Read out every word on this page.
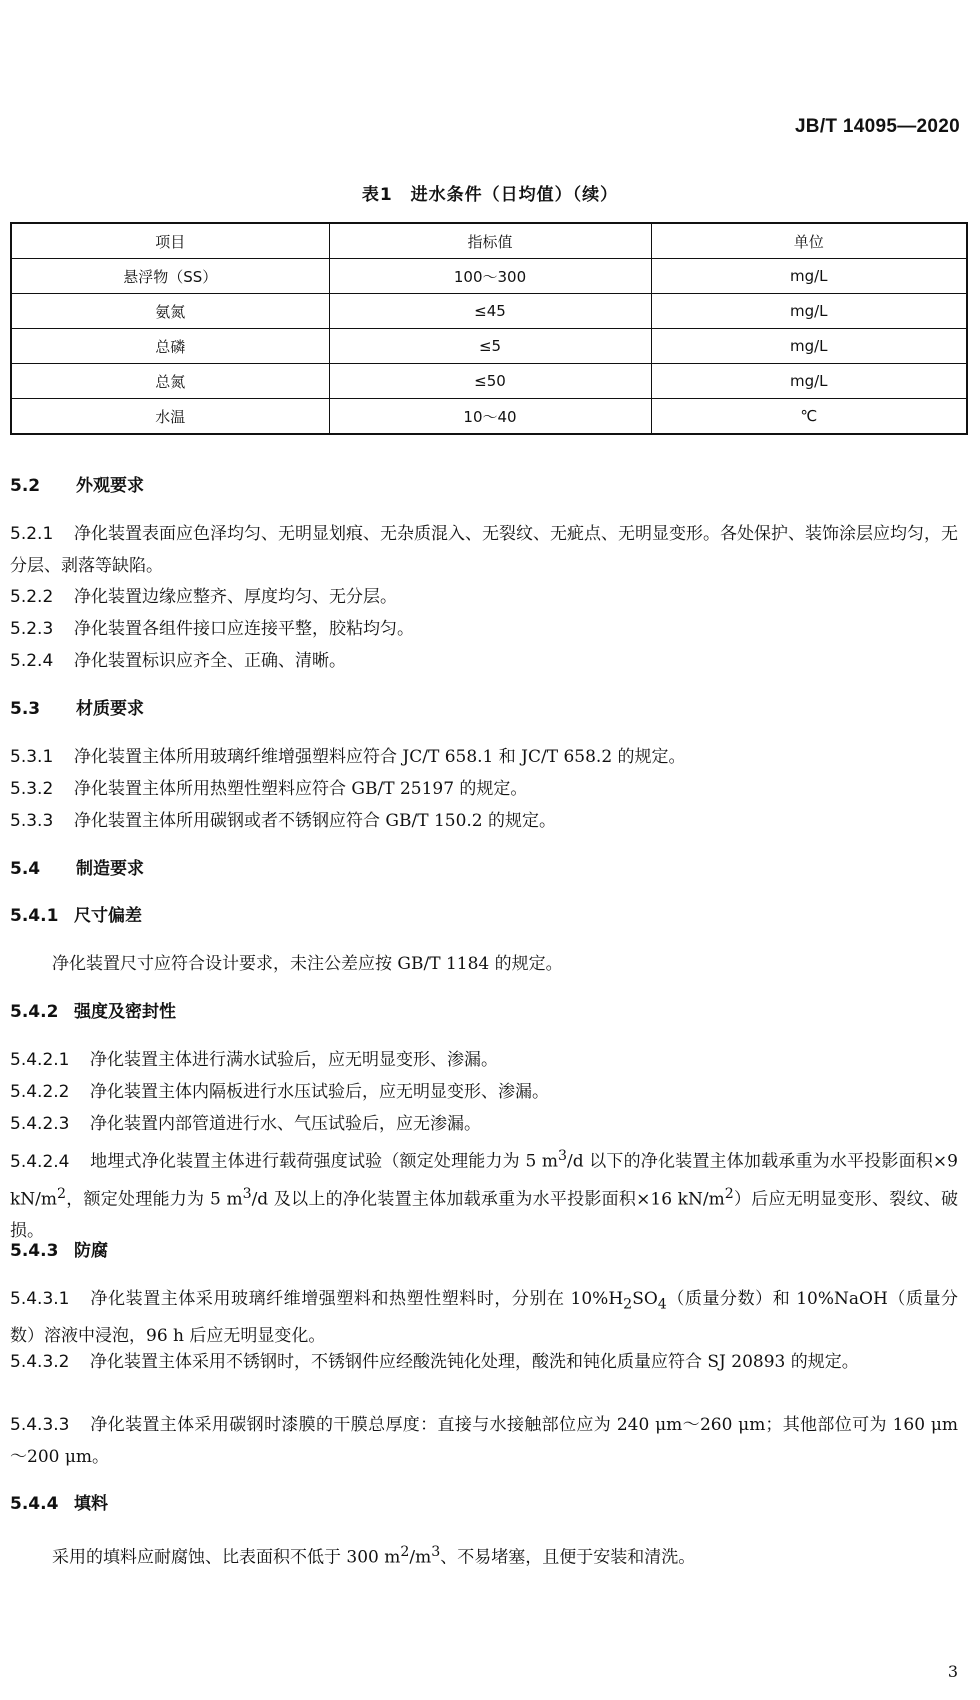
JB/T 14095—2020
表1　进水条件（日均值）（续）
项目	指标值	单位
悬浮物（SS）	100～300	mg/L
氨氮	≤45	mg/L
总磷	≤5	mg/L
总氮	≤50	mg/L
水温	10～40	℃
5.2 外观要求
5.2.1 净化装置表面应色泽均匀、无明显划痕、无杂质混入、无裂纹、无疵点、无明显变形。各处保护、装饰涂层应均匀，无分层、剥落等缺陷。
5.2.2 净化装置边缘应整齐、厚度均匀、无分层。
5.2.3 净化装置各组件接口应连接平整，胶粘均匀。
5.2.4 净化装置标识应齐全、正确、清晰。
5.3 材质要求
5.3.1 净化装置主体所用玻璃纤维增强塑料应符合 JC/T 658.1 和 JC/T 658.2 的规定。
5.3.2 净化装置主体所用热塑性塑料应符合 GB/T 25197 的规定。
5.3.3 净化装置主体所用碳钢或者不锈钢应符合 GB/T 150.2 的规定。
5.4 制造要求
5.4.1 尺寸偏差
净化装置尺寸应符合设计要求，未注公差应按 GB/T 1184 的规定。
5.4.2 强度及密封性
5.4.2.1 净化装置主体进行满水试验后，应无明显变形、渗漏。
5.4.2.2 净化装置主体内隔板进行水压试验后，应无明显变形、渗漏。
5.4.2.3 净化装置内部管道进行水、气压试验后，应无渗漏。
5.4.2.4 地埋式净化装置主体进行载荷强度试验（额定处理能力为 5 $m^3/d$ 以下的净化装置主体加载承重为水平投影面积×9 $kN/m^2$，额定处理能力为 5 $m^3/d$ 及以上的净化装置主体加载承重为水平投影面积×16 $kN/m^2$）后应无明显变形、裂纹、破损。
5.4.3 防腐
5.4.3.1 净化装置主体采用玻璃纤维增强塑料和热塑性塑料时，分别在 $10\%H_2SO_4$（质量分数）和 10%NaOH（质量分数）溶液中浸泡，96 h 后应无明显变化。
5.4.3.2 净化装置主体采用不锈钢时，不锈钢件应经酸洗钝化处理，酸洗和钝化质量应符合 SJ 20893 的规定。
5.4.3.3 净化装置主体采用碳钢时漆膜的干膜总厚度：直接与水接触部位应为 240 μm～260 μm；其他部位可为 160 μm～200 μm。
5.4.4 填料
采用的填料应耐腐蚀、比表面积不低于 300 $m^2/m^3$、不易堵塞，且便于安装和清洗。
3
